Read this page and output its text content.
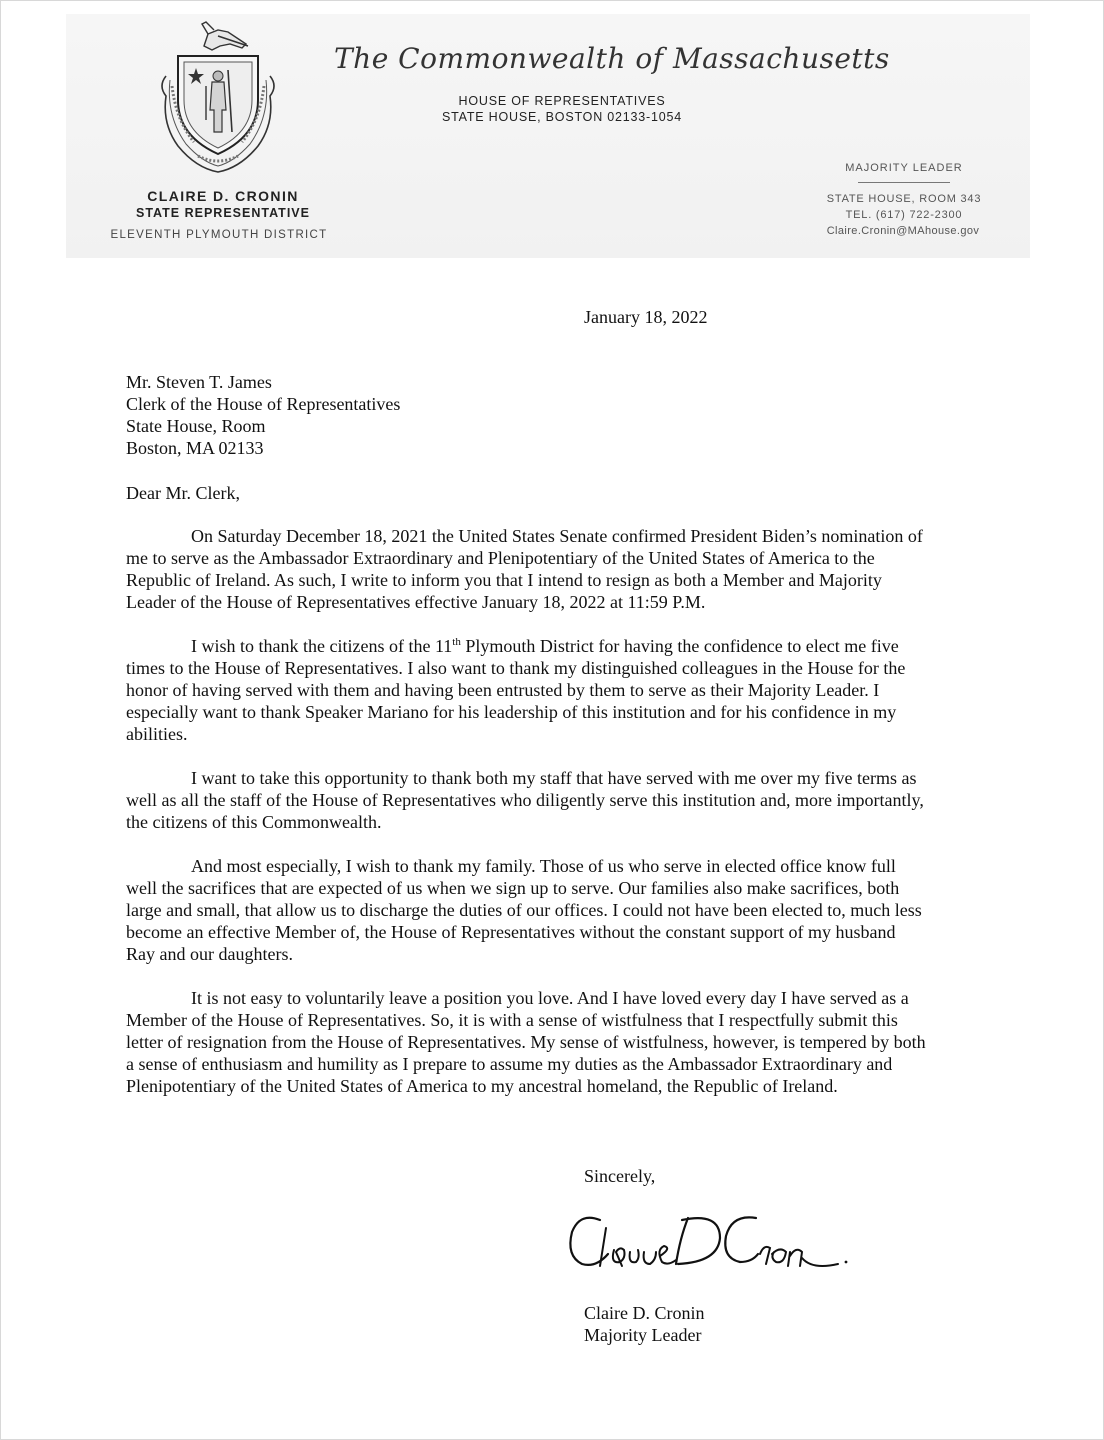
The Commonwealth of Massachusetts
HOUSE OF REPRESENTATIVES
STATE HOUSE, BOSTON 02133-1054
CLAIRE D. CRONIN
STATE REPRESENTATIVE
ELEVENTH PLYMOUTH DISTRICT
MAJORITY LEADER
STATE HOUSE, ROOM 343
TEL. (617) 722-2300
Claire.Cronin@MAhouse.gov
January 18, 2022
Mr. Steven T. James
Clerk of the House of Representatives
State House, Room
Boston, MA 02133
Dear Mr. Clerk,
On Saturday December 18, 2021 the United States Senate confirmed President Biden’s nomination of
me to serve as the Ambassador Extraordinary and Plenipotentiary of the United States of America to the
Republic of Ireland. As such, I write to inform you that I intend to resign as both a Member and Majority
Leader of the House of Representatives effective January 18, 2022 at 11:59 P.M.
I wish to thank the citizens of the 11th Plymouth District for having the confidence to elect me five
times to the House of Representatives. I also want to thank my distinguished colleagues in the House for the
honor of having served with them and having been entrusted by them to serve as their Majority Leader. I
especially want to thank Speaker Mariano for his leadership of this institution and for his confidence in my
abilities.
I want to take this opportunity to thank both my staff that have served with me over my five terms as
well as all the staff of the House of Representatives who diligently serve this institution and, more importantly,
the citizens of this Commonwealth.
And most especially, I wish to thank my family. Those of us who serve in elected office know full
well the sacrifices that are expected of us when we sign up to serve. Our families also make sacrifices, both
large and small, that allow us to discharge the duties of our offices. I could not have been elected to, much less
become an effective Member of, the House of Representatives without the constant support of my husband
Ray and our daughters.
It is not easy to voluntarily leave a position you love. And I have loved every day I have served as a
Member of the House of Representatives. So, it is with a sense of wistfulness that I respectfully submit this
letter of resignation from the House of Representatives. My sense of wistfulness, however, is tempered by both
a sense of enthusiasm and humility as I prepare to assume my duties as the Ambassador Extraordinary and
Plenipotentiary of the United States of America to my ancestral homeland, the Republic of Ireland.
Sincerely,
Claire D. Cronin
Majority Leader
